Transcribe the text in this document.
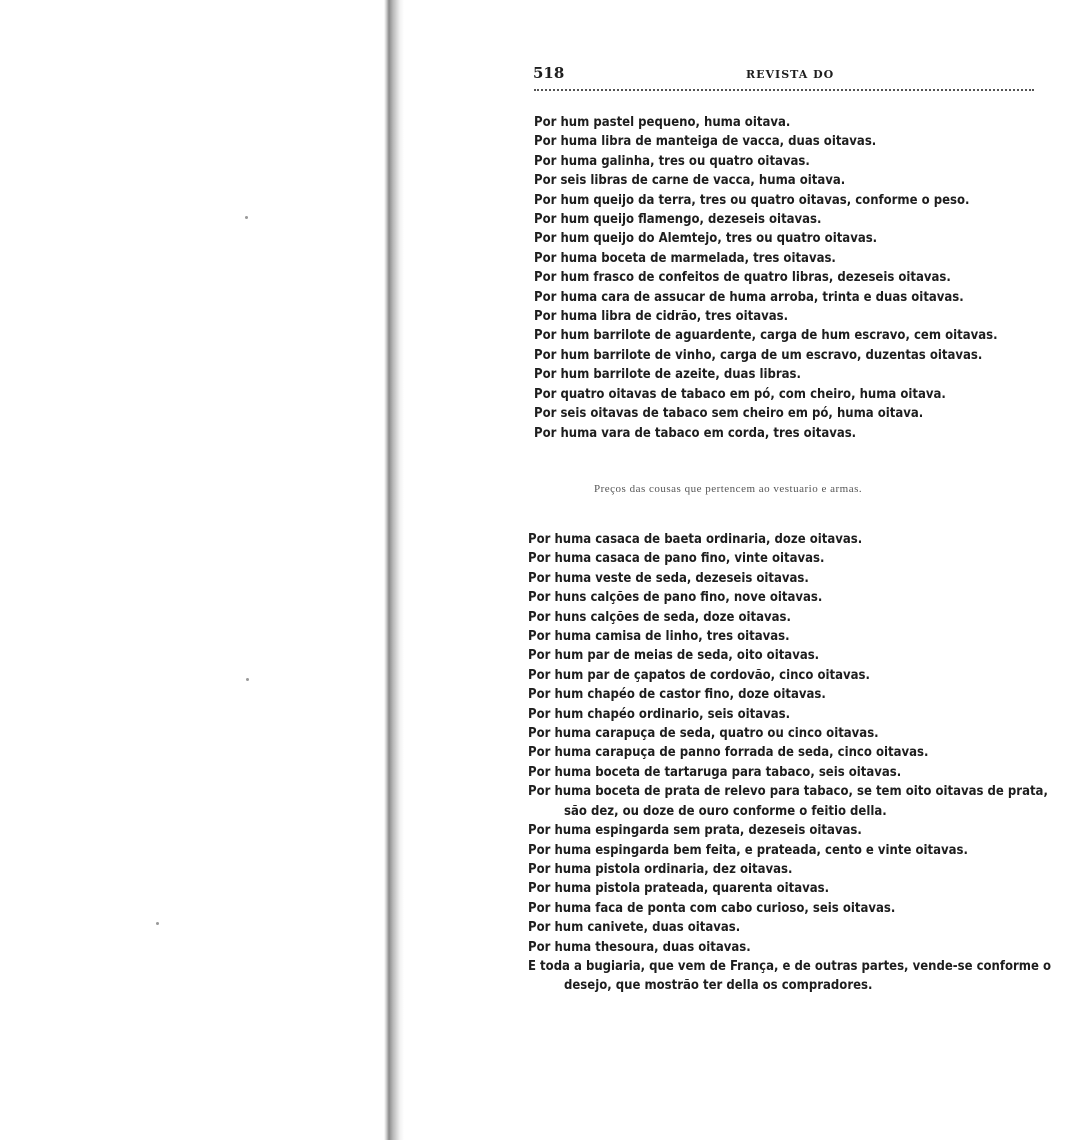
518	REVISTA DO
Por hum pastel pequeno, huma oitava.
Por huma libra de manteiga de vacca, duas oitavas.
Por huma galinha, tres ou quatro oitavas.
Por seis libras de carne de vacca, huma oitava.
Por hum queijo da terra, tres ou quatro oitavas, conforme o peso.
Por hum queijo flamengo, dezeseis oitavas.
Por hum queijo do Alemtejo, tres ou quatro oitavas.
Por huma boceta de marmelada, tres oitavas.
Por hum frasco de confeitos de quatro libras, dezeseis oitavas.
Por huma cara de assucar de huma arroba, trinta e duas oitavas.
Por huma libra de cidrão, tres oitavas.
Por hum barrilote de aguardente, carga de hum escravo, cem oitavas.
Por hum barrilote de vinho, carga de um escravo, duzentas oitavas.
Por hum barrilote de azeite, duas libras.
Por quatro oitavas de tabaco em pó, com cheiro, huma oitava.
Por seis oitavas de tabaco sem cheiro em pó, huma oitava.
Por huma vara de tabaco em corda, tres oitavas.
Preços das cousas que pertencem ao vestuario e armas.
Por huma casaca de baeta ordinaria, doze oitavas.
Por huma casaca de pano fino, vinte oitavas.
Por huma veste de seda, dezeseis oitavas.
Por huns calções de pano fino, nove oitavas.
Por huns calções de seda, doze oitavas.
Por huma camisa de linho, tres oitavas.
Por hum par de meias de seda, oito oitavas.
Por hum par de çapatos de cordovão, cinco oitavas.
Por hum chapéo de castor fino, doze oitavas.
Por hum chapéo ordinario, seis oitavas.
Por huma carapuça de seda, quatro ou cinco oitavas.
Por huma carapuça de panno forrada de seda, cinco oitavas.
Por huma boceta de tartaruga para tabaco, seis oitavas.
Por huma boceta de prata de relevo para tabaco, se tem oito oitavas de prata, são dez, ou doze de ouro conforme o feitio della.
Por huma espingarda sem prata, dezeseis oitavas.
Por huma espingarda bem feita, e prateada, cento e vinte oitavas.
Por huma pistola ordinaria, dez oitavas.
Por huma pistola prateada, quarenta oitavas.
Por huma faca de ponta com cabo curioso, seis oitavas.
Por hum canivete, duas oitavas.
Por huma thesoura, duas oitavas.
E toda a bugiaria, que vem de França, e de outras partes, vende-se conforme o desejo, que mostrão ter della os compradores.
